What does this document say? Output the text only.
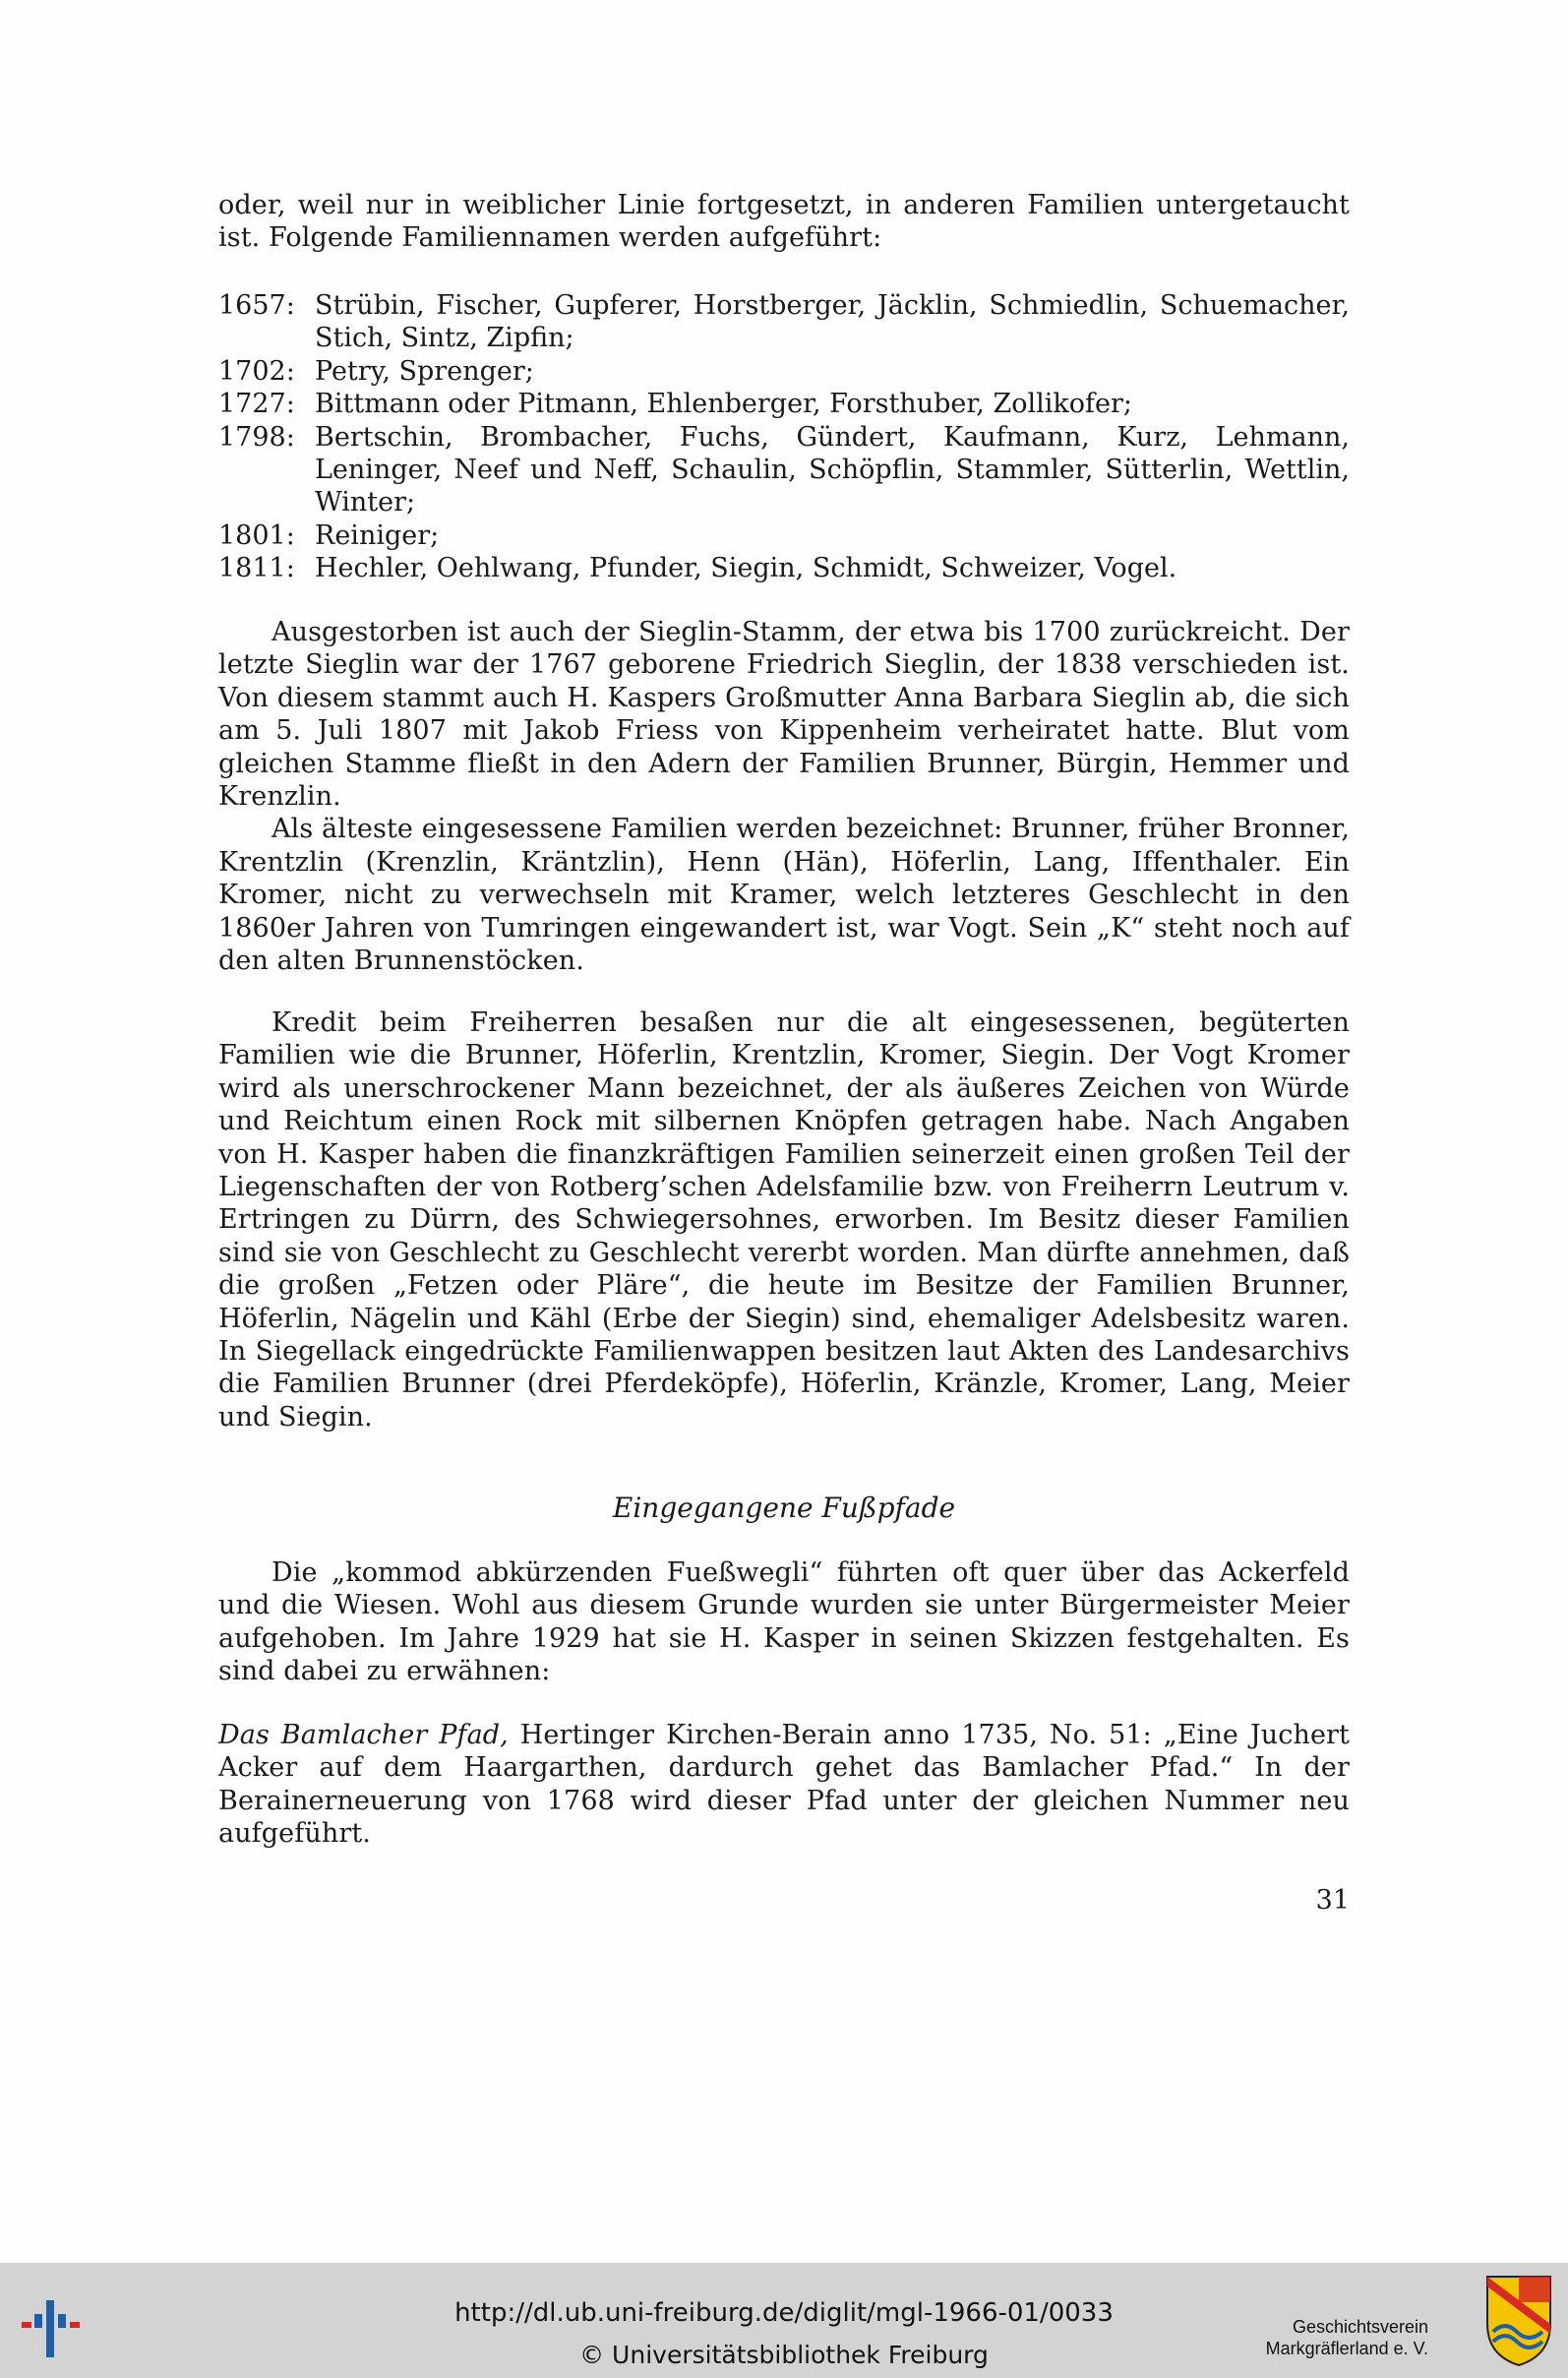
oder, weil nur in weiblicher Linie fortgesetzt, in anderen Familien untergetaucht ist. Folgende Familiennamen werden aufgeführt:

1657: Strübin, Fischer, Gupferer, Horstberger, Jäcklin, Schmiedlin, Schuemacher, Stich, Sintz, Zipfin;
1702: Petry, Sprenger;
1727: Bittmann oder Pitmann, Ehlenberger, Forsthuber, Zollikofer;
1798: Bertschin, Brombacher, Fuchs, Gündert, Kaufmann, Kurz, Lehmann, Leninger, Neef und Neff, Schaulin, Schöpflin, Stammler, Sütterlin, Wettlin, Winter;
1801: Reiniger;
1811: Hechler, Oehlwang, Pfunder, Siegin, Schmidt, Schweizer, Vogel.

Ausgestorben ist auch der Sieglin-Stamm, der etwa bis 1700 zurückreicht. Der letzte Sieglin war der 1767 geborene Friedrich Sieglin, der 1838 verschieden ist. Von diesem stammt auch H. Kaspers Großmutter Anna Barbara Sieglin ab, die sich am 5. Juli 1807 mit Jakob Friess von Kippenheim verheiratet hatte. Blut vom gleichen Stamme fließt in den Adern der Familien Brunner, Bürgin, Hemmer und Krenzlin.

Als älteste eingesessene Familien werden bezeichnet: Brunner, früher Bronner, Krentzlin (Krenzlin, Kräntzlin), Henn (Hän), Höferlin, Lang, Iffenthaler. Ein Kromer, nicht zu verwechseln mit Kramer, welch letzteres Geschlecht in den 1860er Jahren von Tumringen eingewandert ist, war Vogt. Sein „K“ steht noch auf den alten Brunnenstöcken.

Kredit beim Freiherren besaßen nur die alt eingesessenen, begüterten Familien wie die Brunner, Höferlin, Krentzlin, Kromer, Siegin. Der Vogt Kromer wird als unerschrockener Mann bezeichnet, der als äußeres Zeichen von Würde und Reichtum einen Rock mit silbernen Knöpfen getragen habe. Nach Angaben von H. Kasper haben die finanzkräftigen Familien seinerzeit einen großen Teil der Liegenschaften der von Rotberg’schen Adelsfamilie bzw. von Freiherrn Leutrum v. Ertringen zu Dürrn, des Schwiegersohnes, erworben. Im Besitz dieser Familien sind sie von Geschlecht zu Geschlecht vererbt worden. Man dürfte annehmen, daß die großen „Fetzen oder Pläre“, die heute im Besitze der Familien Brunner, Höferlin, Nägelin und Kähl (Erbe der Siegin) sind, ehemaliger Adelsbesitz waren. In Siegellack eingedrückte Familienwappen besitzen laut Akten des Landesarchivs die Familien Brunner (drei Pferdeköpfe), Höferlin, Kränzle, Kromer, Lang, Meier und Siegin.

Eingegangene Fußpfade

Die „kommod abkürzenden Fueßwegli“ führten oft quer über das Ackerfeld und die Wiesen. Wohl aus diesem Grunde wurden sie unter Bürgermeister Meier aufgehoben. Im Jahre 1929 hat sie H. Kasper in seinen Skizzen festgehalten. Es sind dabei zu erwähnen:

Das Bamlacher Pfad, Hertinger Kirchen-Berain anno 1735, No. 51: „Eine Juchert Acker auf dem Haargarthen, dardurch gehet das Bamlacher Pfad.“ In der Berainerneuerung von 1768 wird dieser Pfad unter der gleichen Nummer neu aufgeführt.

31
http://dl.ub.uni-freiburg.de/diglit/mgl-1966-01/0033
© Universitätsbibliothek Freiburg
Geschichtsverein
Markgräflerland e. V.
